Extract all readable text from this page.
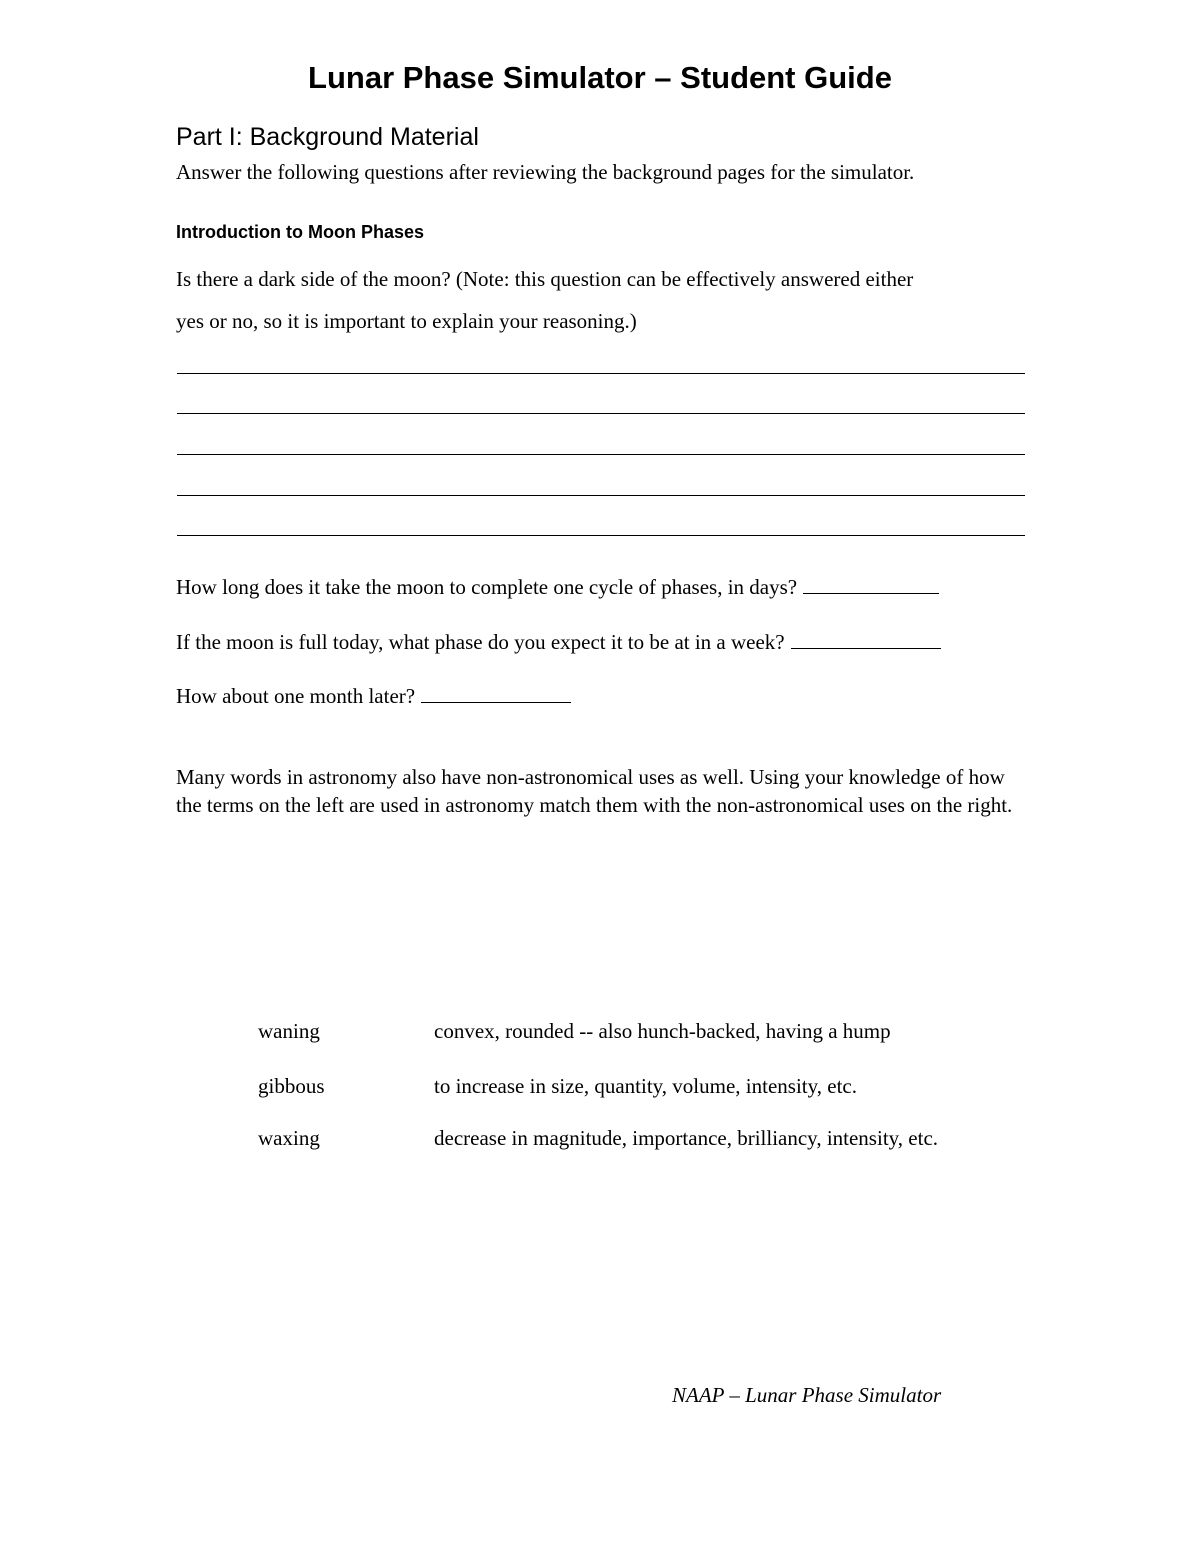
Lunar Phase Simulator – Student Guide
Part I: Background Material
Answer the following questions after reviewing the background pages for the simulator.
Introduction to Moon Phases
Is there a dark side of the moon? (Note: this question can be effectively answered either
yes or no, so it is important to explain your reasoning.)
How long does it take the moon to complete one cycle of phases, in days?
If the moon is full today, what phase do you expect it to be at in a week?
How about one month later?
Many words in astronomy also have non-astronomical uses as well. Using your knowledge of how the terms on the left are used in astronomy match them with the non-astronomical uses on the right.
waning	convex, rounded -- also hunch-backed, having a hump
gibbous	to increase in size, quantity, volume, intensity, etc.
waxing	decrease in magnitude, importance, brilliancy, intensity, etc.
NAAP – Lunar Phase Simulator
